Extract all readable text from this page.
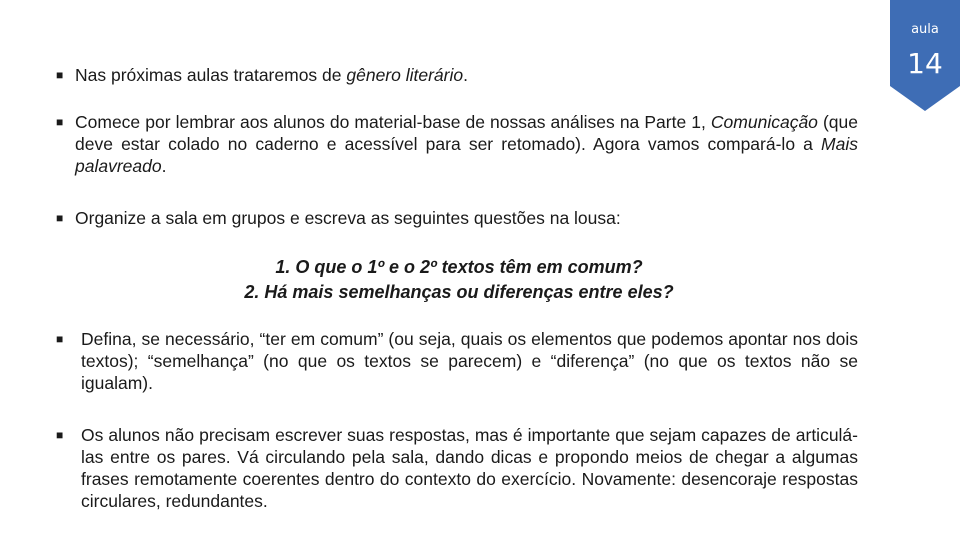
aula
14
■ Nas próximas aulas trataremos de gênero literário.
■ Comece por lembrar aos alunos do material-base de nossas análises na Parte 1, Comunicação (que deve estar colado no caderno e acessível para ser retomado). Agora vamos compará-lo a Mais palavreado.
■ Organize a sala em grupos e escreva as seguintes questões na lousa:
1. O que o 1º e o 2º textos têm em comum?
2. Há mais semelhanças ou diferenças entre eles?
■ Defina, se necessário, “ter em comum” (ou seja, quais os elementos que podemos apontar nos dois textos); “semelhança” (no que os textos se parecem) e “diferença” (no que os textos não se igualam).
■ Os alunos não precisam escrever suas respostas, mas é importante que sejam capazes de articulá-las entre os pares. Vá circulando pela sala, dando dicas e propondo meios de chegar a algumas frases remotamente coerentes dentro do contexto do exercício. Novamente: desencoraje respostas circulares, redundantes.
